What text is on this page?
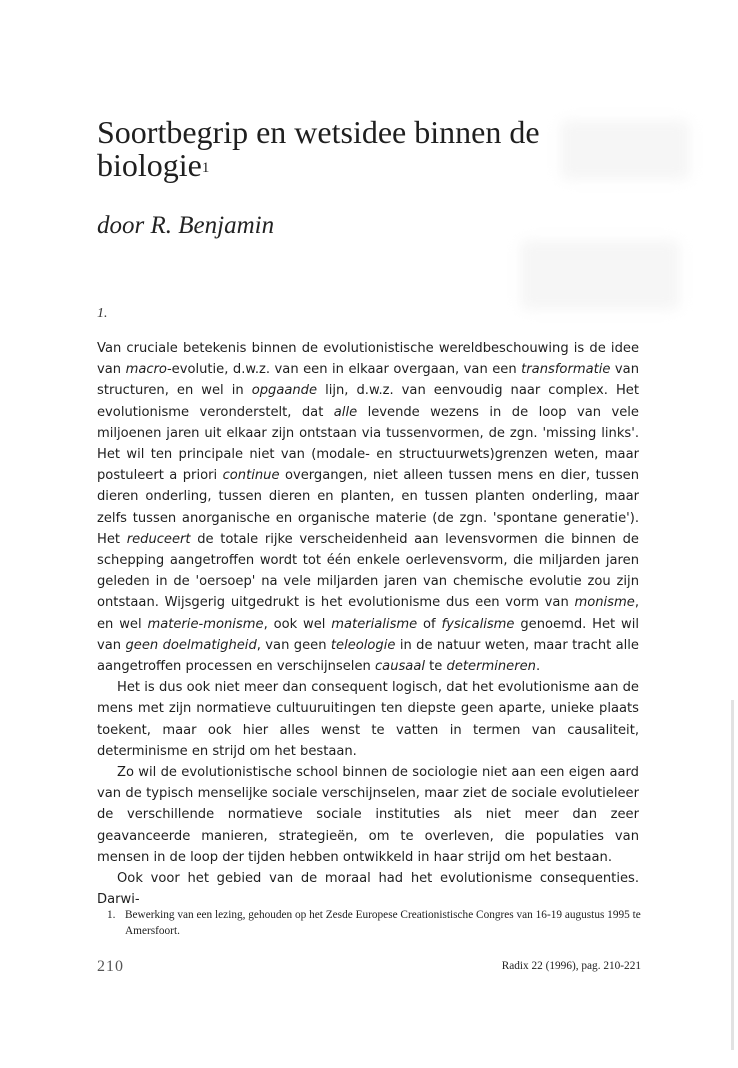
Soortbegrip en wetsidee binnen de biologie$^1$
door R. Benjamin
1.

Van cruciale betekenis binnen de evolutionistische wereldbeschouwing is de idee van macro-evolutie, d.w.z. van een in elkaar overgaan, van een transformatie van structuren, en wel in opgaande lijn, d.w.z. van eenvoudig naar complex. Het evolutionisme veronderstelt, dat alle levende wezens in de loop van vele miljoenen jaren uit elkaar zijn ontstaan via tussenvormen, de zgn. 'missing links'. Het wil ten principale niet van (modale- en structuurwets)grenzen weten, maar postuleert a priori continue overgangen, niet alleen tussen mens en dier, tussen dieren onderling, tussen dieren en planten, en tussen planten onderling, maar zelfs tussen anorganische en organische materie (de zgn. 'spontane generatie'). Het reduceert de totale rijke verscheidenheid aan levensvormen die binnen de schepping aangetroffen wordt tot één enkele oerlevensvorm, die miljarden jaren geleden in de 'oersoep' na vele miljarden jaren van chemische evolutie zou zijn ontstaan. Wijsgerig uitgedrukt is het evolutionisme dus een vorm van monisme, en wel materie-monisme, ook wel materialisme of fysicalisme genoemd. Het wil van geen doelmatigheid, van geen teleologie in de natuur weten, maar tracht alle aangetroffen processen en verschijnselen causaal te determineren.

Het is dus ook niet meer dan consequent logisch, dat het evolutionisme aan de mens met zijn normatieve cultuuruitingen ten diepste geen aparte, unieke plaats toekent, maar ook hier alles wenst te vatten in termen van causaliteit, determinisme en strijd om het bestaan.

Zo wil de evolutionistische school binnen de sociologie niet aan een eigen aard van de typisch menselijke sociale verschijnselen, maar ziet de sociale evolutieleer de verschillende normatieve sociale instituties als niet meer dan zeer geavanceerde manieren, strategieën, om te overleven, die populaties van mensen in de loop der tijden hebben ontwikkeld in haar strijd om het bestaan.

Ook voor het gebied van de moraal had het evolutionisme consequenties. Darwi-

1. Bewerking van een lezing, gehouden op het Zesde Europese Creationistische Congres van 16-19 augustus 1995 te Amersfoort.
210	Radix 22 (1996), pag. 210-221
